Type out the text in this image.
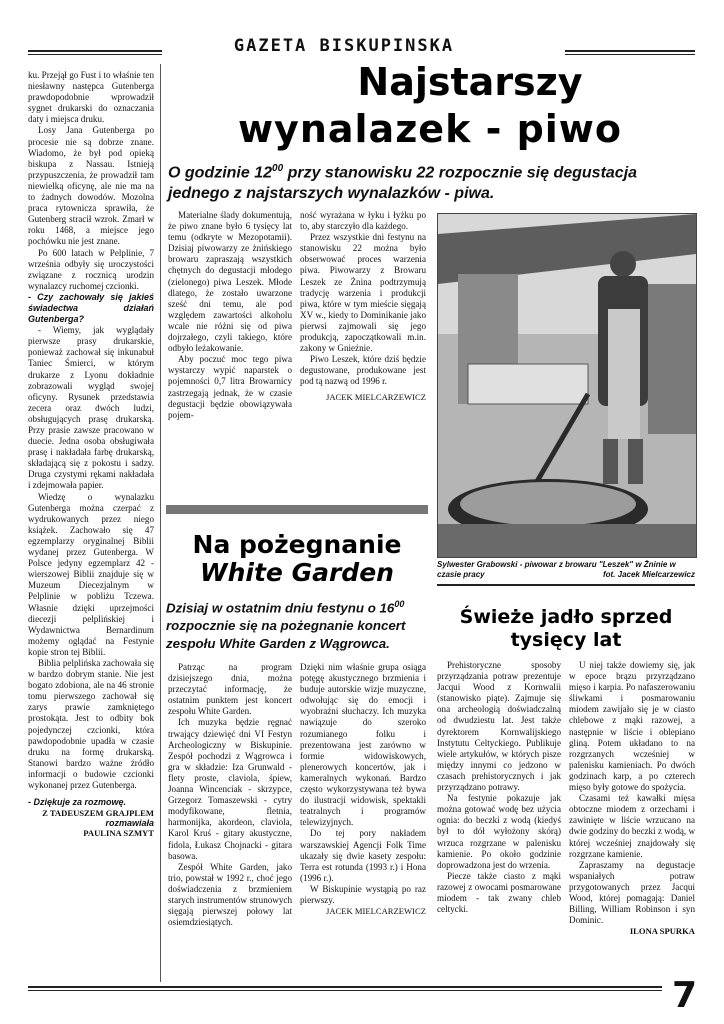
GAZETA BISKUPINSKA

ku. Przejął go Fust i to właśnie ten niesławny następca Gutenberga prawdopodobnie wprowadził sygnet drukarski do oznaczania daty i miejsca druku.

Losy Jana Gutenberga po procesie nie są dobrze znane. Wiadomo, że był pod opieką biskupa z Nassau. Istnieją przypuszczenia, że prowadził tam niewielką oficynę, ale nie ma na to żadnych dowodów. Mozolna praca rytownicza sprawiła, że Gutenberg stracił wzrok. Zmarł w roku 1468, a miejsce jego pochówku nie jest znane.

Po 600 latach w Pelplinie, 7 września odbyły się uroczystości związane z rocznicą urodzin wynalazcy ruchomej czcionki.

- Czy zachowały się jakieś świadectwa działań Gutenberga?

- Wiemy, jak wyglądały pierwsze prasy drukarskie, ponieważ zachował się inkunabuł Taniec Śmierci, w którym drukarze z Lyonu dokładnie zobrazowali wygląd swojej oficyny. Rysunek przedstawia zecera oraz dwóch ludzi, obsługujących prasę drukarską. Przy prasie zawsze pracowano w duecie. Jedna osoba obsługiwała prasę i nakładała farbę drukarską, składającą się z pokostu i sadzy. Druga czystymi rękami nakładała i zdejmowała papier.

Wiedzę o wynalazku Gutenberga można czerpać z wydrukowanych przez niego książek. Zachowało się 47 egzemplarzy oryginalnej Biblii wydanej przez Gutenberga. W Polsce jedyny egzemplarz 42 - wierszowej Biblii znajduje się w Muzeum Diecezjalnym w Pelplinie w pobliżu Tczewa. Własnie dzięki uprzejmości diecezji pelplińskiej i Wydawnictwa Bernardinum możemy oglądać na Festynie kopie stron tej Biblii.

Biblia pelplińska zachowała się w bardzo dobrym stanie. Nie jest bogato zdobiona, ale na 46 stronie tomu pierwszego zachował się zarys prawie zamkniętego prostokąta. Jest to odbity bok pojedynczej czcionki, która pawdopodobnie upadła w czasie druku na formę drukarską. Stanowi bardzo ważne źródło informacji o budowie czcionki wykonanej przez Gutenberga.

- Dziękuje za rozmowę.

Z TADEUSZEM GRAJPLEM

rozmawiała

PAULINA SZMYT

Najstarszy
wynalazek - piwo
O godzinie $12^{00}$ przy stanowisku 22 rozpocznie się degustacja jednego z najstarszych wynalazków - piwa.

Materialne ślady dokumentują, że piwo znane było 6 tysięcy lat temu (odkryte w Mezopotamii). Dzisiaj piwowarzy ze żnińskiego browaru zapraszają wszystkich chętnych do degustacji młodego (zielonego) piwa Leszek. Młode dlatego, że zostało uwarzone sześć dni temu, ale pod względem zawartości alkoholu wcale nie różni się od piwa dojrzałego, czyli takiego, które odbyło leżakowanie.

Aby poczuć moc tego piwa wystarczy wypić naparstek o pojemności 0,7 litra Browarnicy zastrzegają jednak, że w czasie degustacji będzie obowiązywała pojem-

ność wyrażana w łyku i łyżku po to, aby starczyło dla każdego.

Przez wszystkie dni festynu na stanowisku 22 można było obserwować proces warzenia piwa. Piwowarzy z Browaru Leszek ze Żnina podtrzymują tradycję warzenia i produkcji piwa, które w tym mieście sięgają XV w., kiedy to Dominikanie jako pierwsi zajmowali się jego produkcją, zapoczątkowali m.in. zakony w Gnieźnie.

Piwo Leszek, które dziś będzie degustowane, produkowane jest pod tą nazwą od 1996 r.

JACEK MIELCARZEWICZ

Sylwester Grabowski - piwowar z browaru "Leszek" w Żninie w czasie pracy	fot. Jacek Mielcarzewicz
Na pożegnanie
White Garden
Dzisiaj w ostatnim dniu festynu o $16^{00}$ rozpocznie się na pożegnanie koncert zespołu White Garden z Wągrowca.

Patrząc na program dzisiejszego dnia, można przeczytać informację, że ostatnim punktem jest koncert zespołu White Garden.

Ich muzyka będzie ręgnać trwający dziewięć dni VI Festyn Archeologiczny w Biskupinie. Zespół pochodzi z Wągrowca i gra w składzie: Iza Grunwald - flety proste, claviola, śpiew, Joanna Wincenciak - skrzypce, Grzegorz Tomaszewski - cytry modyfikowane, fletnia, harmonijka, akordeon, claviola, Karol Kruś - gitary akustyczne, fidola, Łukasz Chojnacki - gitara basowa.

Zespół White Garden, jako trio, powstał w 1992 r., choć jego doświadczenia z brzmieniem starych instrumentów strunowych sięgają pierwszej połowy lat osiemdziesiątych.

Dzięki nim właśnie grupa osiąga potęgę akustycznego brzmienia i buduje autorskie wizje muzyczne, odwołując się do emocji i wyobraźni słuchaczy. Ich muzyka nawiązuje do szeroko rozumianego folku i prezentowana jest zarówno w formie widowiskowych, plenerowych koncertów, jak i kameralnych wykonań. Bardzo często wykorzystywana też bywa do ilustracji widowisk, spektakli teatralnych i programów telewizyjnych.

Do tej pory nakładem warszawskiej Agencji Folk Time ukazały się dwie kasety zespołu: Terra est rotunda (1993 r.) i Hona (1996 r.).

W Biskupinie wystąpią po raz pierwszy.

JACEK MIELCARZEWICZ

Świeże jadło sprzed
tysięcy lat

Prehistoryczne sposoby przyrządzania potraw prezentuje Jacqui Wood z Kornwalii (stanowisko piąte). Zajmuje się ona archeologią doświadczalną od dwudziestu lat. Jest także dyrektorem Kornwalijskiego Instytutu Celtyckiego. Publikuje wiele artykułów, w których pisze między innymi co jedzono w czasach prehistorycznych i jak przyrządzano potrawy.

Na festynie pokazuje jak można gotować wodę bez użycia ognia: do beczki z wodą (kiedyś był to dół wyłożony skórą) wrzuca rozgrzane w palenisku kamienie. Po około godzinie doprowadzona jest do wrzenia.

Piecze także ciasto z mąki razowej z owocami posmarowane miodem - tak zwany chleb celtycki.

U niej także dowiemy się, jak w epoce brązu przyrządzano mięso i karpia. Po nafaszerowaniu śliwkami i posmarowaniu miodem zawijało się je w ciasto chlebowe z mąki razowej, a następnie w liście i oblepiano gliną. Potem układano to na rozgrzanych wcześniej w palenisku kamieniach. Po dwóch godzinach karp, a po czterech mięso były gotowe do spożycia.

Czasami też kawałki mięsa obtoczne miodem z orzechami i zawinięte w liście wrzucano na dwie godziny do beczki z wodą, w której wcześniej znajdowały się rozgrzane kamienie.

Zapraszamy na degustacje wspaniałych potraw przygotowanych przez Jacqui Wood, której pomagają: Daniel Billing, William Robinson i syn Dominic.

ILONA SPURKA

7
